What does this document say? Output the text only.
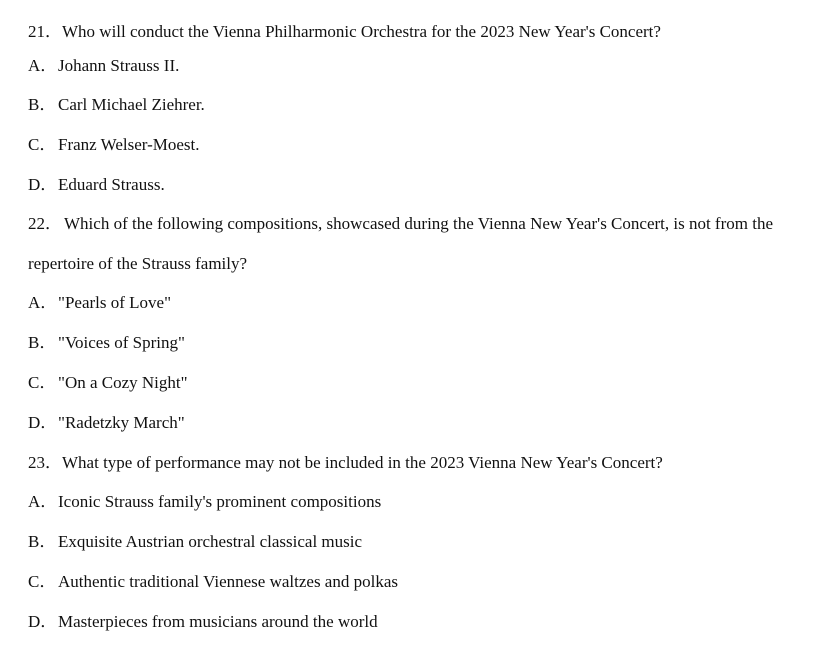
21．Who will conduct the Vienna Philharmonic Orchestra for the 2023 New Year's Concert?
A．Johann Strauss II.
B．Carl Michael Ziehrer.
C．Franz Welser-Moest.
D．Eduard Strauss.
22． Which of the following compositions, showcased during the Vienna New Year's Concert, is not from the
repertoire of the Strauss family?
A．"Pearls of Love"
B．"Voices of Spring"
C．"On a Cozy Night"
D．"Radetzky March"
23．What type of performance may not be included in the 2023 Vienna New Year's Concert?
A．Iconic Strauss family's prominent compositions
B．Exquisite Austrian orchestral classical music
C．Authentic traditional Viennese waltzes and polkas
D．Masterpieces from musicians around the world
